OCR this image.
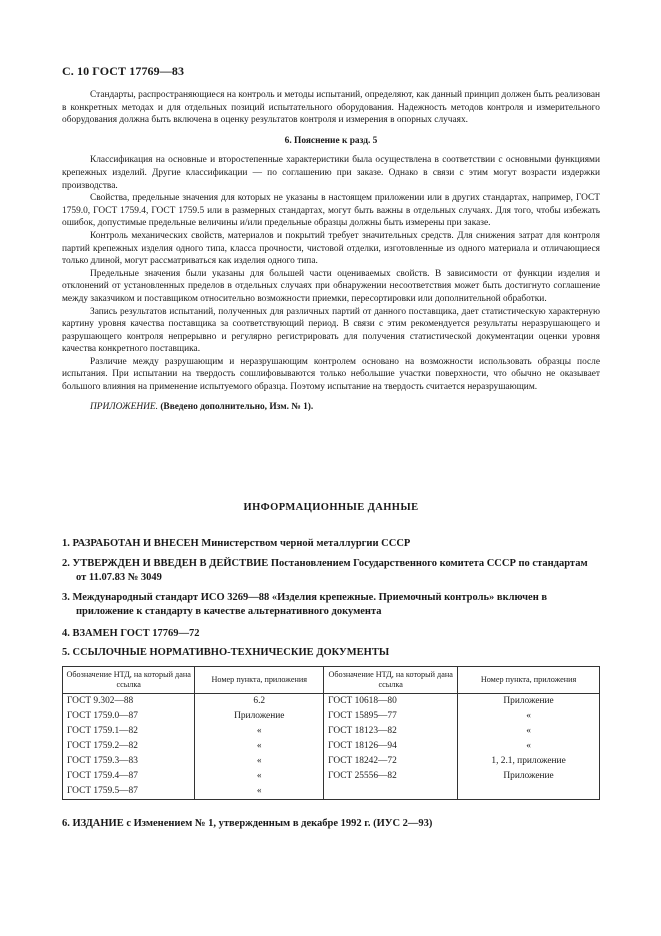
С. 10 ГОСТ 17769—83

Стандарты, распространяющиеся на контроль и методы испытаний, определяют, как данный принцип должен быть реализован в конкретных методах и для отдельных позиций испытательного оборудования. Надежность методов контроля и измерительного оборудования должна быть включена в оценку результатов контроля и измерения в опорных случаях.

6. Пояснение к разд. 5

Классификация на основные и второстепенные характеристики была осуществлена в соответствии с основными функциями крепежных изделий. Другие классификации — по соглашению при заказе. Однако в связи с этим могут возрасти издержки производства.

Свойства, предельные значения для которых не указаны в настоящем приложении или в других стандартах, например, ГОСТ 1759.0, ГОСТ 1759.4, ГОСТ 1759.5 или в размерных стандартах, могут быть важны в отдельных случаях. Для того, чтобы избежать ошибок, допустимые предельные величины и/или предельные образцы должны быть измерены при заказе.

Контроль механических свойств, материалов и покрытий требует значительных средств. Для снижения затрат для контроля партий крепежных изделия одного типа, класса прочности, чистовой отделки, изготовленные из одного материала и отличающиеся только длиной, могут рассматриваться как изделия одного типа.

Предельные значения были указаны для большей части оцениваемых свойств. В зависимости от функции изделия и отклонений от установленных пределов в отдельных случаях при обнаружении несоответствия может быть достигнуто соглашение между заказчиком и поставщиком относительно возможности приемки, пересортировки или дополнительной обработки.

Запись результатов испытаний, полученных для различных партий от данного поставщика, дает статистическую характерную картину уровня качества поставщика за соответствующий период. В связи с этим рекомендуется результаты неразрушающего и разрушающего контроля непрерывно и регулярно регистрировать для получения статистической документации оценки уровня качества конкретного поставщика.

Различие между разрушающим и неразрушающим контролем основано на возможности использовать образцы после испытания. При испытании на твердость сошлифовываются только небольшие участки поверхности, что обычно не оказывает большого влияния на применение испытуемого образца. Поэтому испытание на твердость считается неразрушающим.

ПРИЛОЖЕНИЕ. (Введено дополнительно, Изм. № 1).

ИНФОРМАЦИОННЫЕ ДАННЫЕ
1. РАЗРАБОТАН И ВНЕСЕН Министерством черной металлургии СССР
2. УТВЕРЖДЕН И ВВЕДЕН В ДЕЙСТВИЕ Постановлением Государственного комитета СССР по стандартам от 11.07.83 № 3049
3. Международный стандарт ИСО 3269—88 «Изделия крепежные. Приемочный контроль» включен в приложение к стандарту в качестве альтернативного документа
4. ВЗАМЕН ГОСТ 17769—72
5. ССЫЛОЧНЫЕ НОРМАТИВНО-ТЕХНИЧЕСКИЕ ДОКУМЕНТЫ
Обозначение НТД, на который дана ссылка	Номер пункта, приложения	Обозначение НТД, на который дана ссылка	Номер пункта, приложения
ГОСТ 9.302—88	6.2	ГОСТ 10618—80	Приложение
ГОСТ 1759.0—87	Приложение	ГОСТ 15895—77	«
ГОСТ 1759.1—82	«	ГОСТ 18123—82	«
ГОСТ 1759.2—82	«	ГОСТ 18126—94	«
ГОСТ 1759.3—83	«	ГОСТ 18242—72	1, 2.1, приложение
ГОСТ 1759.4—87	«	ГОСТ 25556—82	Приложение
ГОСТ 1759.5—87	«		
6. ИЗДАНИЕ с Изменением № 1, утвержденным в декабре 1992 г. (ИУС 2—93)
